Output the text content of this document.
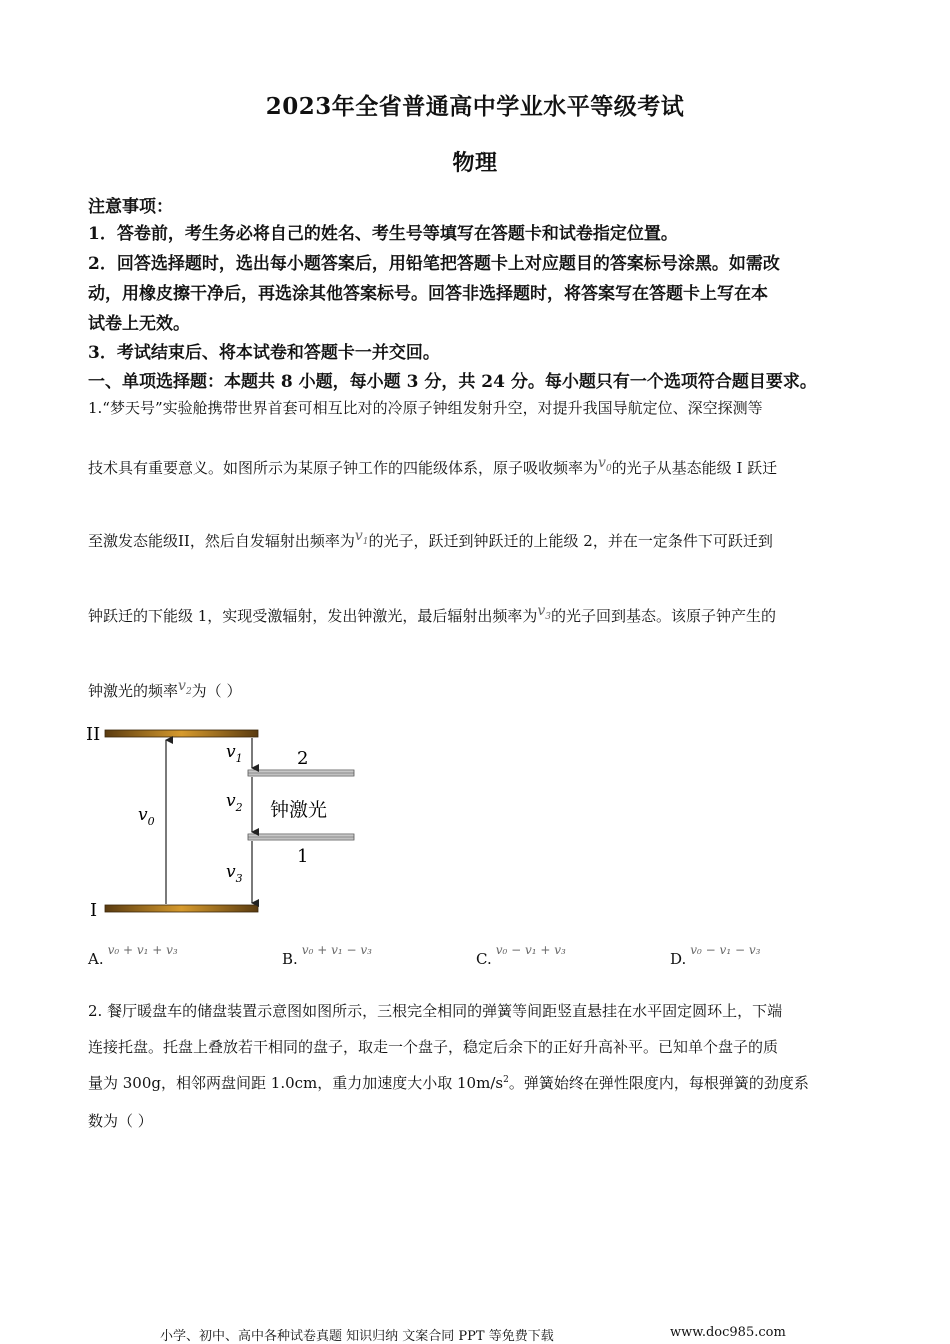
2023年全省普通高中学业水平等级考试
物理
注意事项：
1．答卷前，考生务必将自己的姓名、考生号等填写在答题卡和试卷指定位置。
2．回答选择题时，选出每小题答案后，用铅笔把答题卡上对应题目的答案标号涂黑。如需改
动，用橡皮擦干净后，再选涂其他答案标号。回答非选择题时，将答案写在答题卡上写在本
试卷上无效。
3．考试结束后、将本试卷和答题卡一并交回。
一、单项选择题：本题共 8 小题，每小题 3 分，共 24 分。每小题只有一个选项符合题目要求。
1.“梦天号”实验舱携带世界首套可相互比对的冷原子钟组发射升空，对提升我国导航定位、深空探测等
技术具有重要意义。如图所示为某原子钟工作的四能级体系，原子吸收频率为$v_0$的光子从基态能级 I 跃迁
至激发态能级II，然后自发辐射出频率为$v_1$的光子，跃迁到钟跃迁的上能级 2，并在一定条件下可跃迁到
钟跃迁的下能级 1，实现受激辐射，发出钟激光，最后辐射出频率为$v_3$的光子回到基态。该原子钟产生的
钟激光的频率$v_2$为（ ）
II
I
2
1
钟激光
$v_0$
$v_1$
$v_2$
$v_3$
A. $^{v_0 + v_1 + v_3}$	B. $^{v_0 + v_1 - v_3}$	C. $^{v_0 - v_1 + v_3}$	D. $^{v_0 - v_1 - v_3}$
2. 餐厅暖盘车的储盘装置示意图如图所示，三根完全相同的弹簧等间距竖直悬挂在水平固定圆环上，下端
连接托盘。托盘上叠放若干相同的盘子，取走一个盘子，稳定后余下的正好升高补平。已知单个盘子的质
量为 300g，相邻两盘间距 1.0cm，重力加速度大小取 $10m/s^2$。弹簧始终在弹性限度内，每根弹簧的劲度系
数为（ ）
小学、初中、高中各种试卷真题 知识归纳 文案合同 PPT 等免费下载	www.doc985.com
